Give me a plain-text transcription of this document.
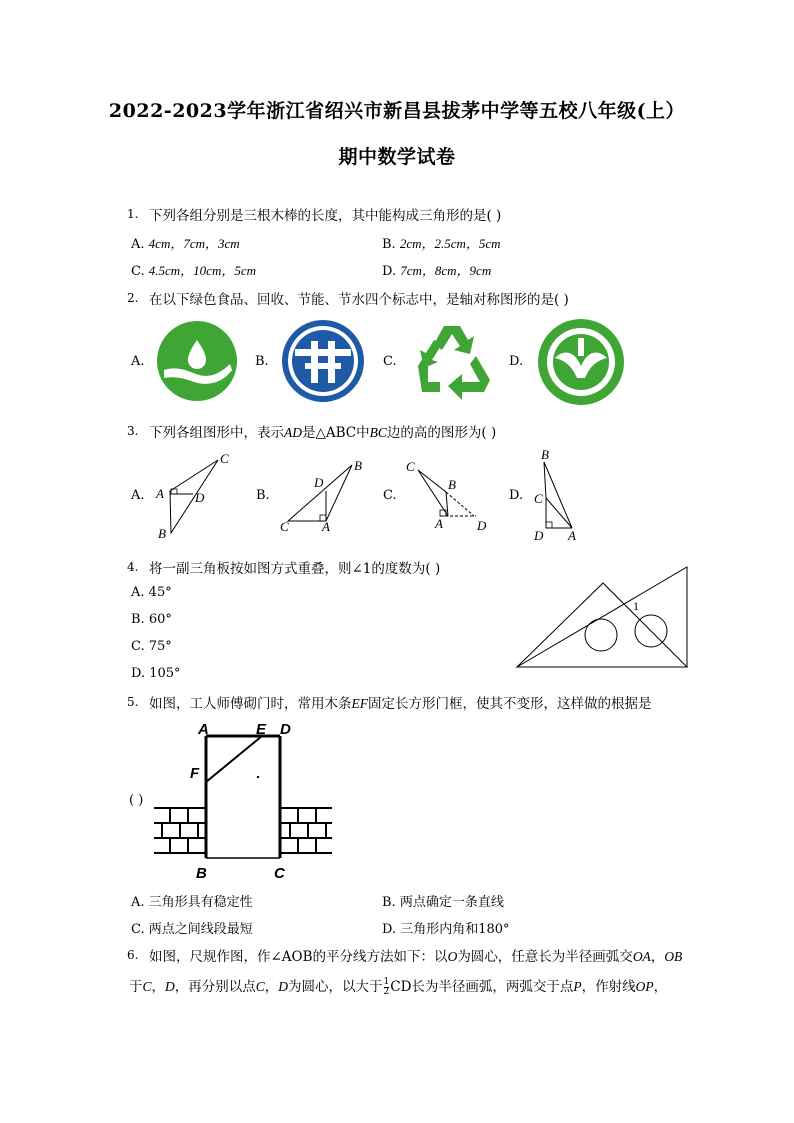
2022-2023学年浙江省绍兴市新昌县拔茅中学等五校八年级(上）
期中数学试卷
1. 下列各组分别是三根木棒的长度，其中能构成三角形的是( )
A. 4cm，7cm，3cm	B. 2cm，2.5cm，5cm
C. 4.5cm，10cm，5cm	D. 7cm，8cm，9cm
2. 在以下绿色食品、回收、节能、节水四个标志中，是轴对称图形的是( )
A.	B.	C.	D.
3. 下列各组图形中，表示AD是△ABC中BC边的高的图形为( )
A.
C
A D
B
B.
B
D
C	A
C.
C
B
A	D
D.
B
C
D A
4. 将一副三角板按如图方式重叠，则∠1的度数为( )
A. 45°
B. 60°
C. 75°
D. 105°
1
5. 如图，工人师傅砌门时，常用木条EF固定长方形门框，使其不变形，这样做的根据是
( )
A	E D
F
B	C
A. 三角形具有稳定性	B. 两点确定一条直线
C. 两点之间线段最短	D. 三角形内角和180°
6. 如图，尺规作图，作∠AOB的平分线方法如下：以O为圆心，任意长为半径画弧交OA，OB
于C，D，再分别以点C，D为圆心，以大于 $\frac{1}{2}$ CD长为半径画弧，两弧交于点P，作射线OP，
